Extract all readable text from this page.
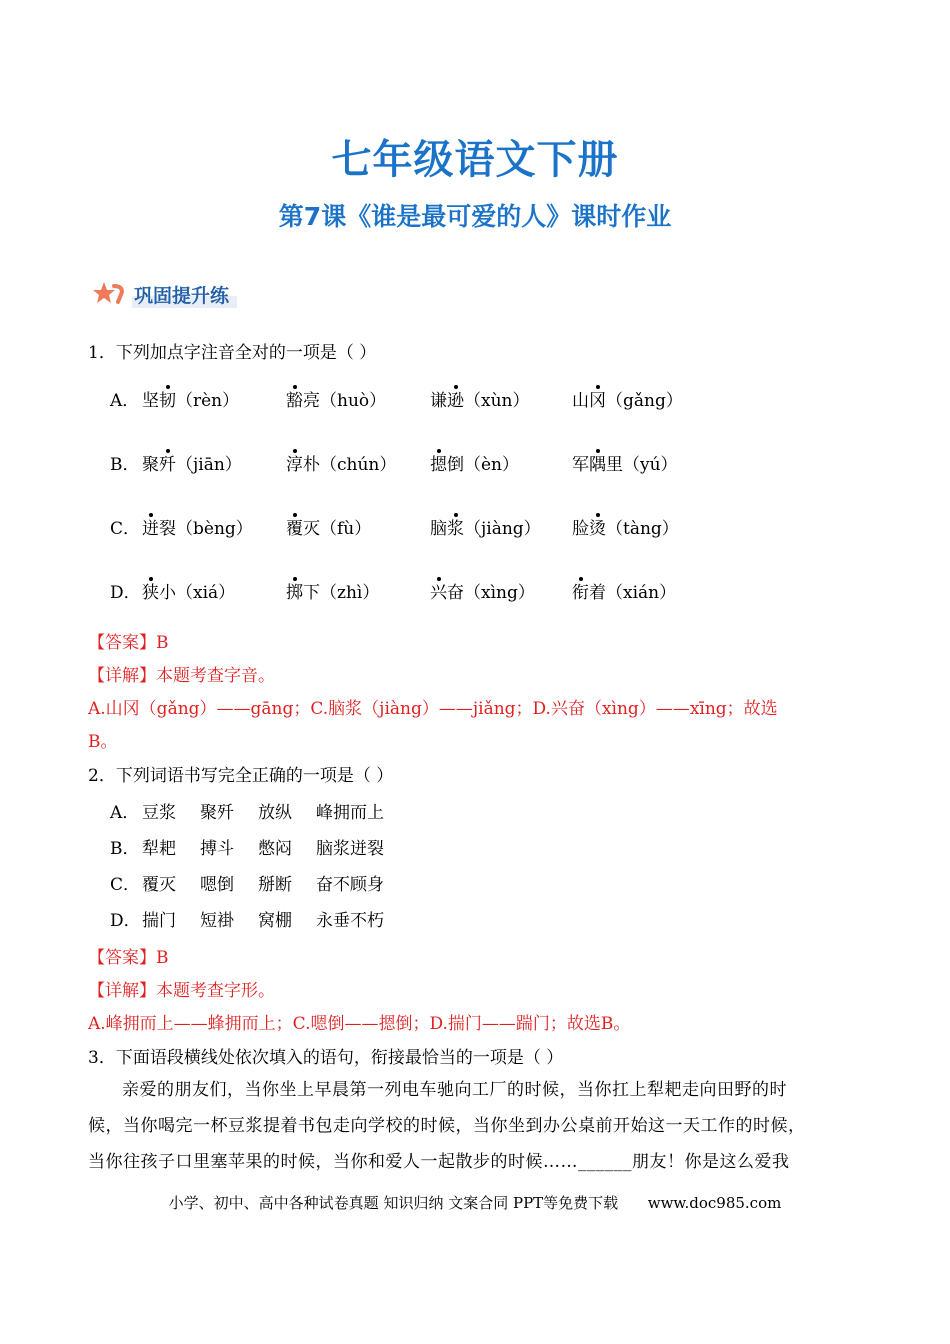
七年级语文下册
第7课《谁是最可爱的人》课时作业
巩固提升练
1．下列加点字注音全对的一项是（ ）
A． 坚韧（rèn）	豁亮（huò）	谦逊（xùn）	山冈（gǎng）
B． 聚歼（jiān）	淳朴（chún） 摁倒（èn）	军隅里（yú）
C． 迸裂（bèng） 覆灭（fù）	脑浆（jiàng） 脸烫（tàng）
D． 狭小（xiá）	掷下（zhì）	兴奋（xìng） 衔着（xián）
【答案】B
【详解】本题考查字音。
A.山冈（gǎng）——gāng；C.脑浆（jiàng）——jiǎng；D.兴奋（xìng）——xīng；故选
B。
2．下列词语书写完全正确的一项是（ ）
A． 豆浆 聚歼 放纵 峰拥而上
B． 犁耙 搏斗 憋闷 脑浆迸裂
C． 覆灭 嗯倒 掰断 奋不顾身
D． 揣门 短褂 窝棚 永垂不朽
【答案】B
【详解】本题考查字形。
A.峰拥而上——蜂拥而上；C.嗯倒——摁倒；D.揣门——踹门；故选B。
3．下面语段横线处依次填入的语句，衔接最恰当的一项是（ ）
亲爱的朋友们，当你坐上早晨第一列电车驰向工厂的时候，当你扛上犁耙走向田野的时
候，当你喝完一杯豆浆提着书包走向学校的时候，当你坐到办公桌前开始这一天工作的时候，
当你往孩子口里塞苹果的时候，当你和爱人一起散步的时候……______朋友！你是这么爱我
小学、初中、高中各种试卷真题 知识归纳 文案合同 PPT等免费下载 www.doc985.com
